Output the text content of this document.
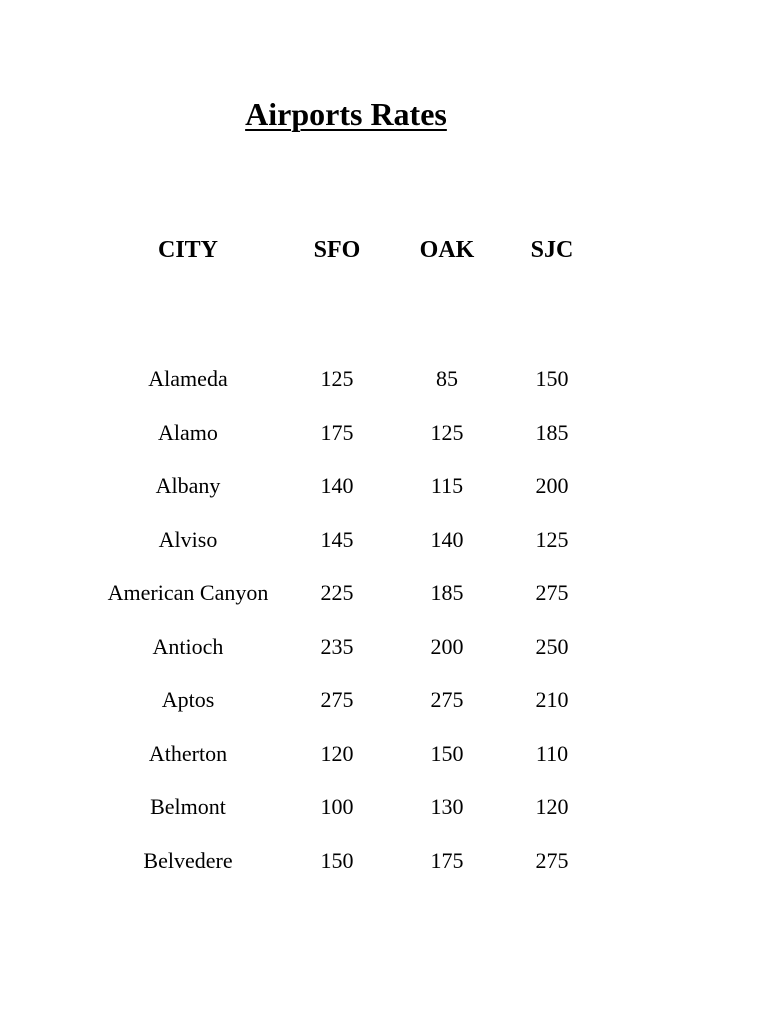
Airports Rates
CITY	SFO	OAK	SJC
Alameda	125	85	150
Alamo	175	125	185
Albany	140	115	200
Alviso	145	140	125
American Canyon	225	185	275
Antioch	235	200	250
Aptos	275	275	210
Atherton	120	150	110
Belmont	100	130	120
Belvedere	150	175	275
